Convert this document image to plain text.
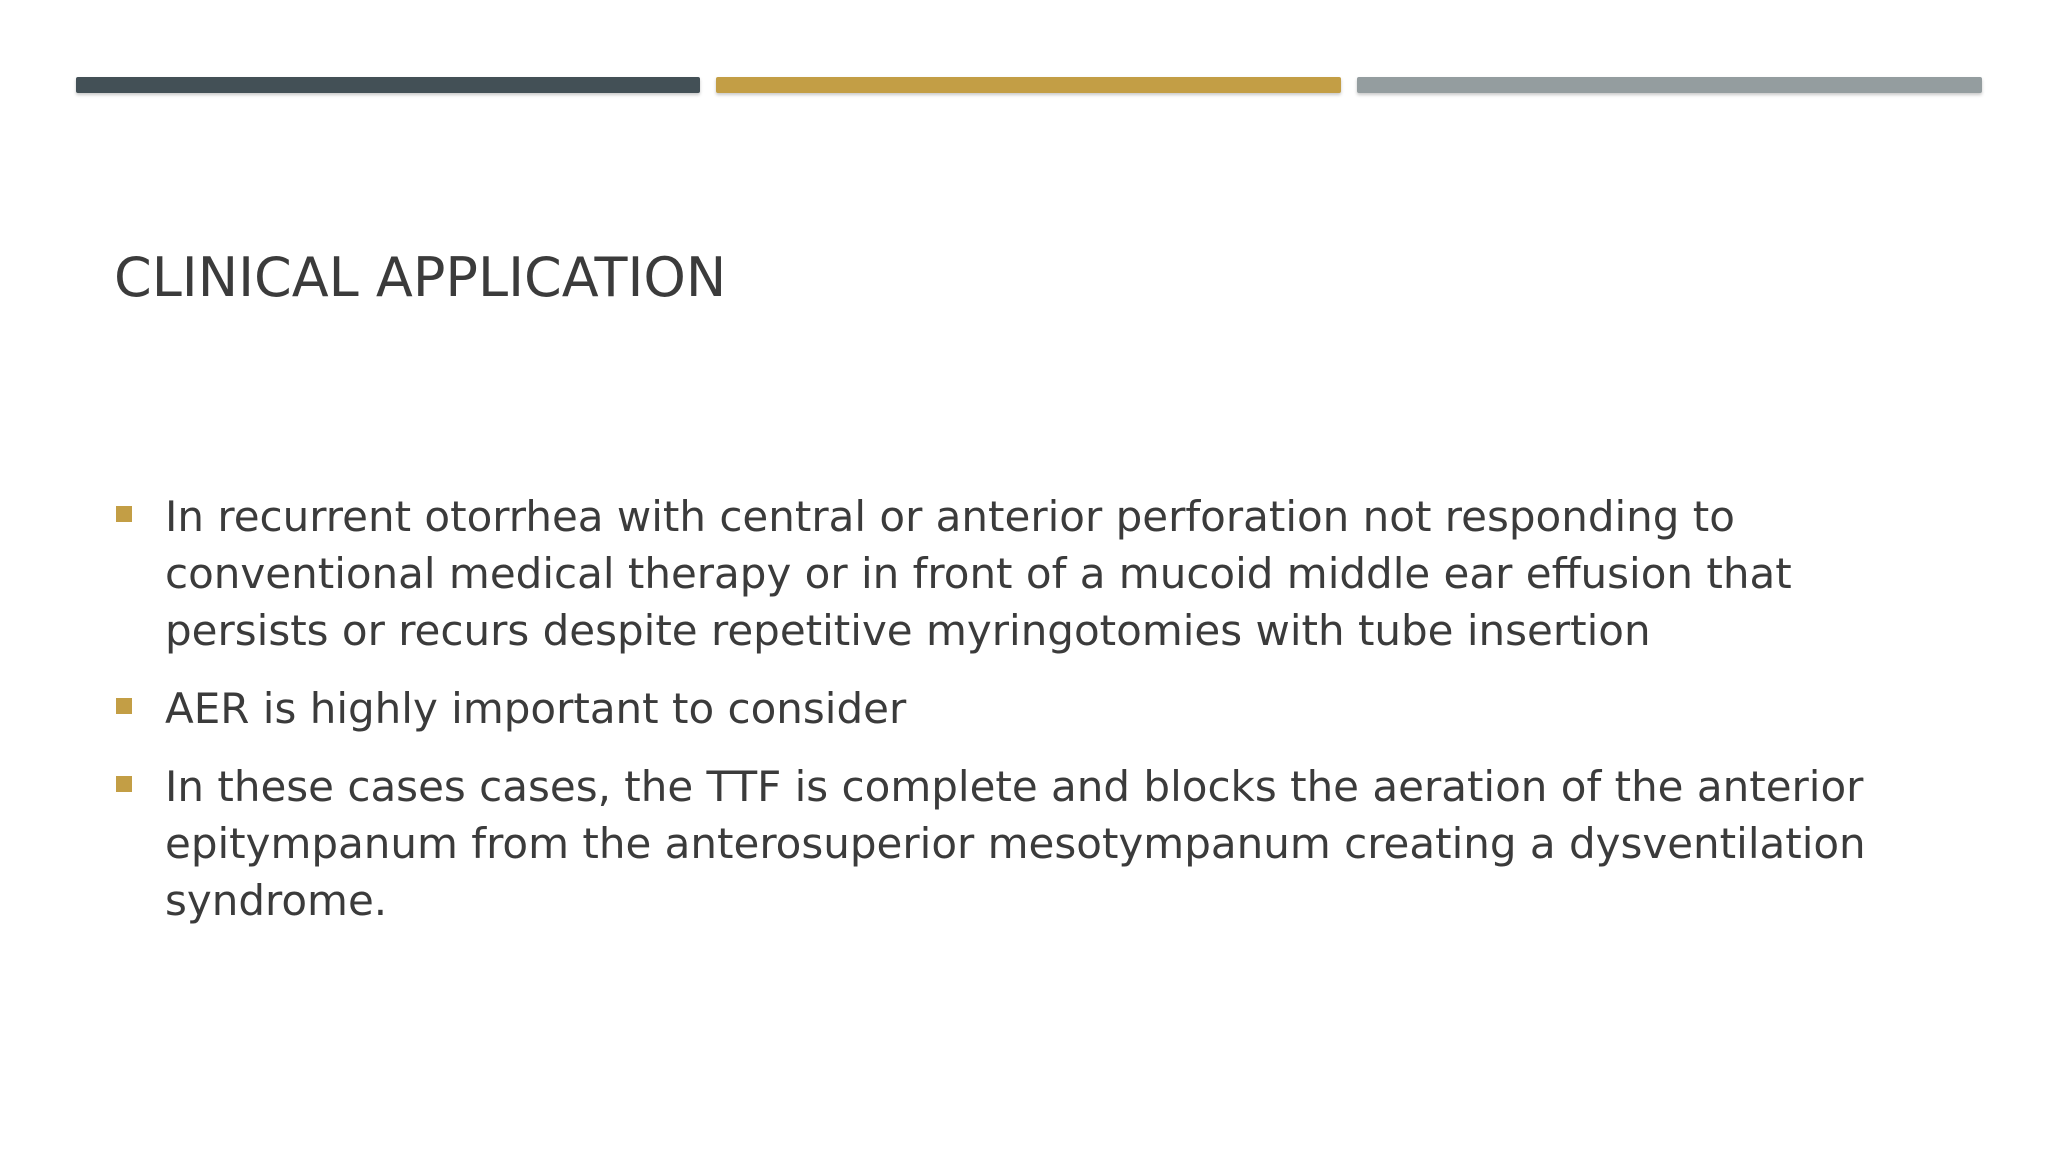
CLINICAL APPLICATION
In recurrent otorrhea with central or anterior perforation not responding to conventional medical therapy or in front of a mucoid middle ear effusion that persists or recurs despite repetitive myringotomies with tube insertion
AER is highly important to consider
In these cases cases, the TTF is complete and blocks the aeration of the anterior epitympanum from the anterosuperior mesotympanum creating a dysventilation syndrome.
